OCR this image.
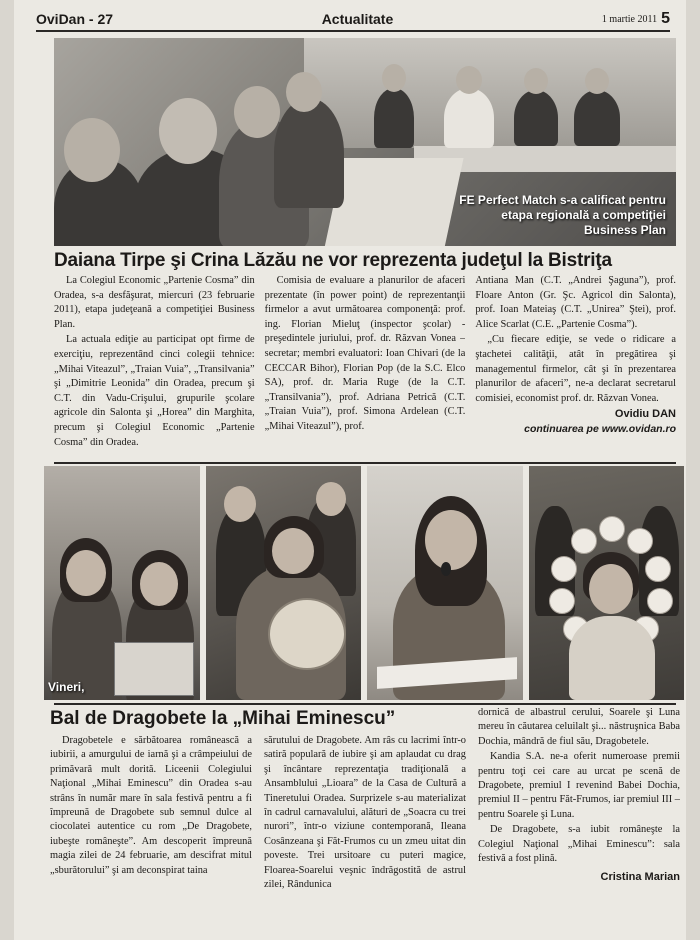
OviDan - 27	Actualitate	1 martie 2011 5
FE Perfect Match s-a calificat pentru etapa regională a competiţiei Business Plan
Daiana Tirpe şi Crina Lăzău ne vor reprezenta judeţul la Bistriţa

La Colegiul Economic „Partenie Cosma” din Oradea, s-a desfăşurat, miercuri (23 februarie 2011), etapa judeţeană a competiţiei Business Plan.

La actuala ediţie au participat opt firme de exerciţiu, reprezentând cinci colegii tehnice: „Mihai Viteazul”, „Traian Vuia”, „Transilvania” şi „Dimitrie Leonida” din Oradea, precum şi C.T. din Vadu-Crişului, grupurile şcolare agricole din Salonta şi „Horea” din Marghita, precum şi Colegiul Economic „Partenie Cosma” din Oradea.

Comisia de evaluare a planurilor de afaceri prezentate (în power point) de reprezentanţii firmelor a avut următoarea componenţă: prof. ing. Florian Mieluţ (inspector şcolar) - preşedintele juriului, prof. dr. Răzvan Vonea – secretar; membri evaluatori: Ioan Chivari (de la CECCAR Bihor), Florian Pop (de la S.C. Elco SA), prof. dr. Maria Ruge (de la C.T. „Transilvania”), prof. Adriana Petrică (C.T. „Traian Vuia”), prof. Simona Ardelean (C.T. „Mihai Viteazul”), prof.

Antiana Man (C.T. „Andrei Şaguna”), prof. Floare Anton (Gr. Şc. Agricol din Salonta), prof. Ioan Mateiaş (C.T. „Unirea” Ştei), prof. Alice Scarlat (C.E. „Partenie Cosma”).

„Cu fiecare ediţie, se vede o ridicare a ştachetei calităţii, atât în pregătirea şi managementul firmelor, cât şi în prezentarea planurilor de afaceri”, ne-a declarat secretarul comisiei, economist prof. dr. Răzvan Vonea.

Ovidiu DAN
continuarea pe www.ovidan.ro
Vineri,
Bal de Dragobete la „Mihai Eminescu”

Dragobetele e sărbătoarea românească a iubirii, a amurgului de iarnă şi a crâmpeiului de primăvară mult dorită. Liceenii Colegiului Naţional „Mihai Eminescu” din Oradea s-au strâns în număr mare în sala festivă pentru a fi împreună de Dragobete sub semnul dulce al ciocolatei autentice cu rom „De Dragobete, iubeşte româneşte”. Am descoperit împreună magia zilei de 24 februarie, am descifrat mitul „sburătorului” şi am deconspirat taina

sărutului de Dragobete. Am râs cu lacrimi într-o satiră populară de iubire şi am aplaudat cu drag şi încântare reprezentaţia tradiţională a Ansamblului „Lioara” de la Casa de Cultură a Tineretului Oradea. Surprizele s-au materializat în cadrul carnavalului, alături de „Soacra cu trei nurori”, într-o viziune contemporană, Ileana Cosânzeana şi Făt-Frumos cu un zmeu uitat din poveste. Trei ursitoare cu puteri magice, Floarea-Soarelui veşnic îndrăgostită de astrul zilei, Rândunica

dornică de albastrul cerului, Soarele şi Luna mereu în căutarea celuilalt şi... năstruşnica Baba Dochia, mândră de fiul său, Dragobetele.

Kandia S.A. ne-a oferit numeroase premii pentru toţi cei care au urcat pe scenă de Dragobete, premiul I revenind Babei Dochia, premiul II – pentru Făt-Frumos, iar premiul III – pentru Soarele şi Luna.

De Dragobete, s-a iubit româneşte la Colegiul Naţional „Mihai Eminescu”: sala festivă a fost plină.

Cristina Marian
